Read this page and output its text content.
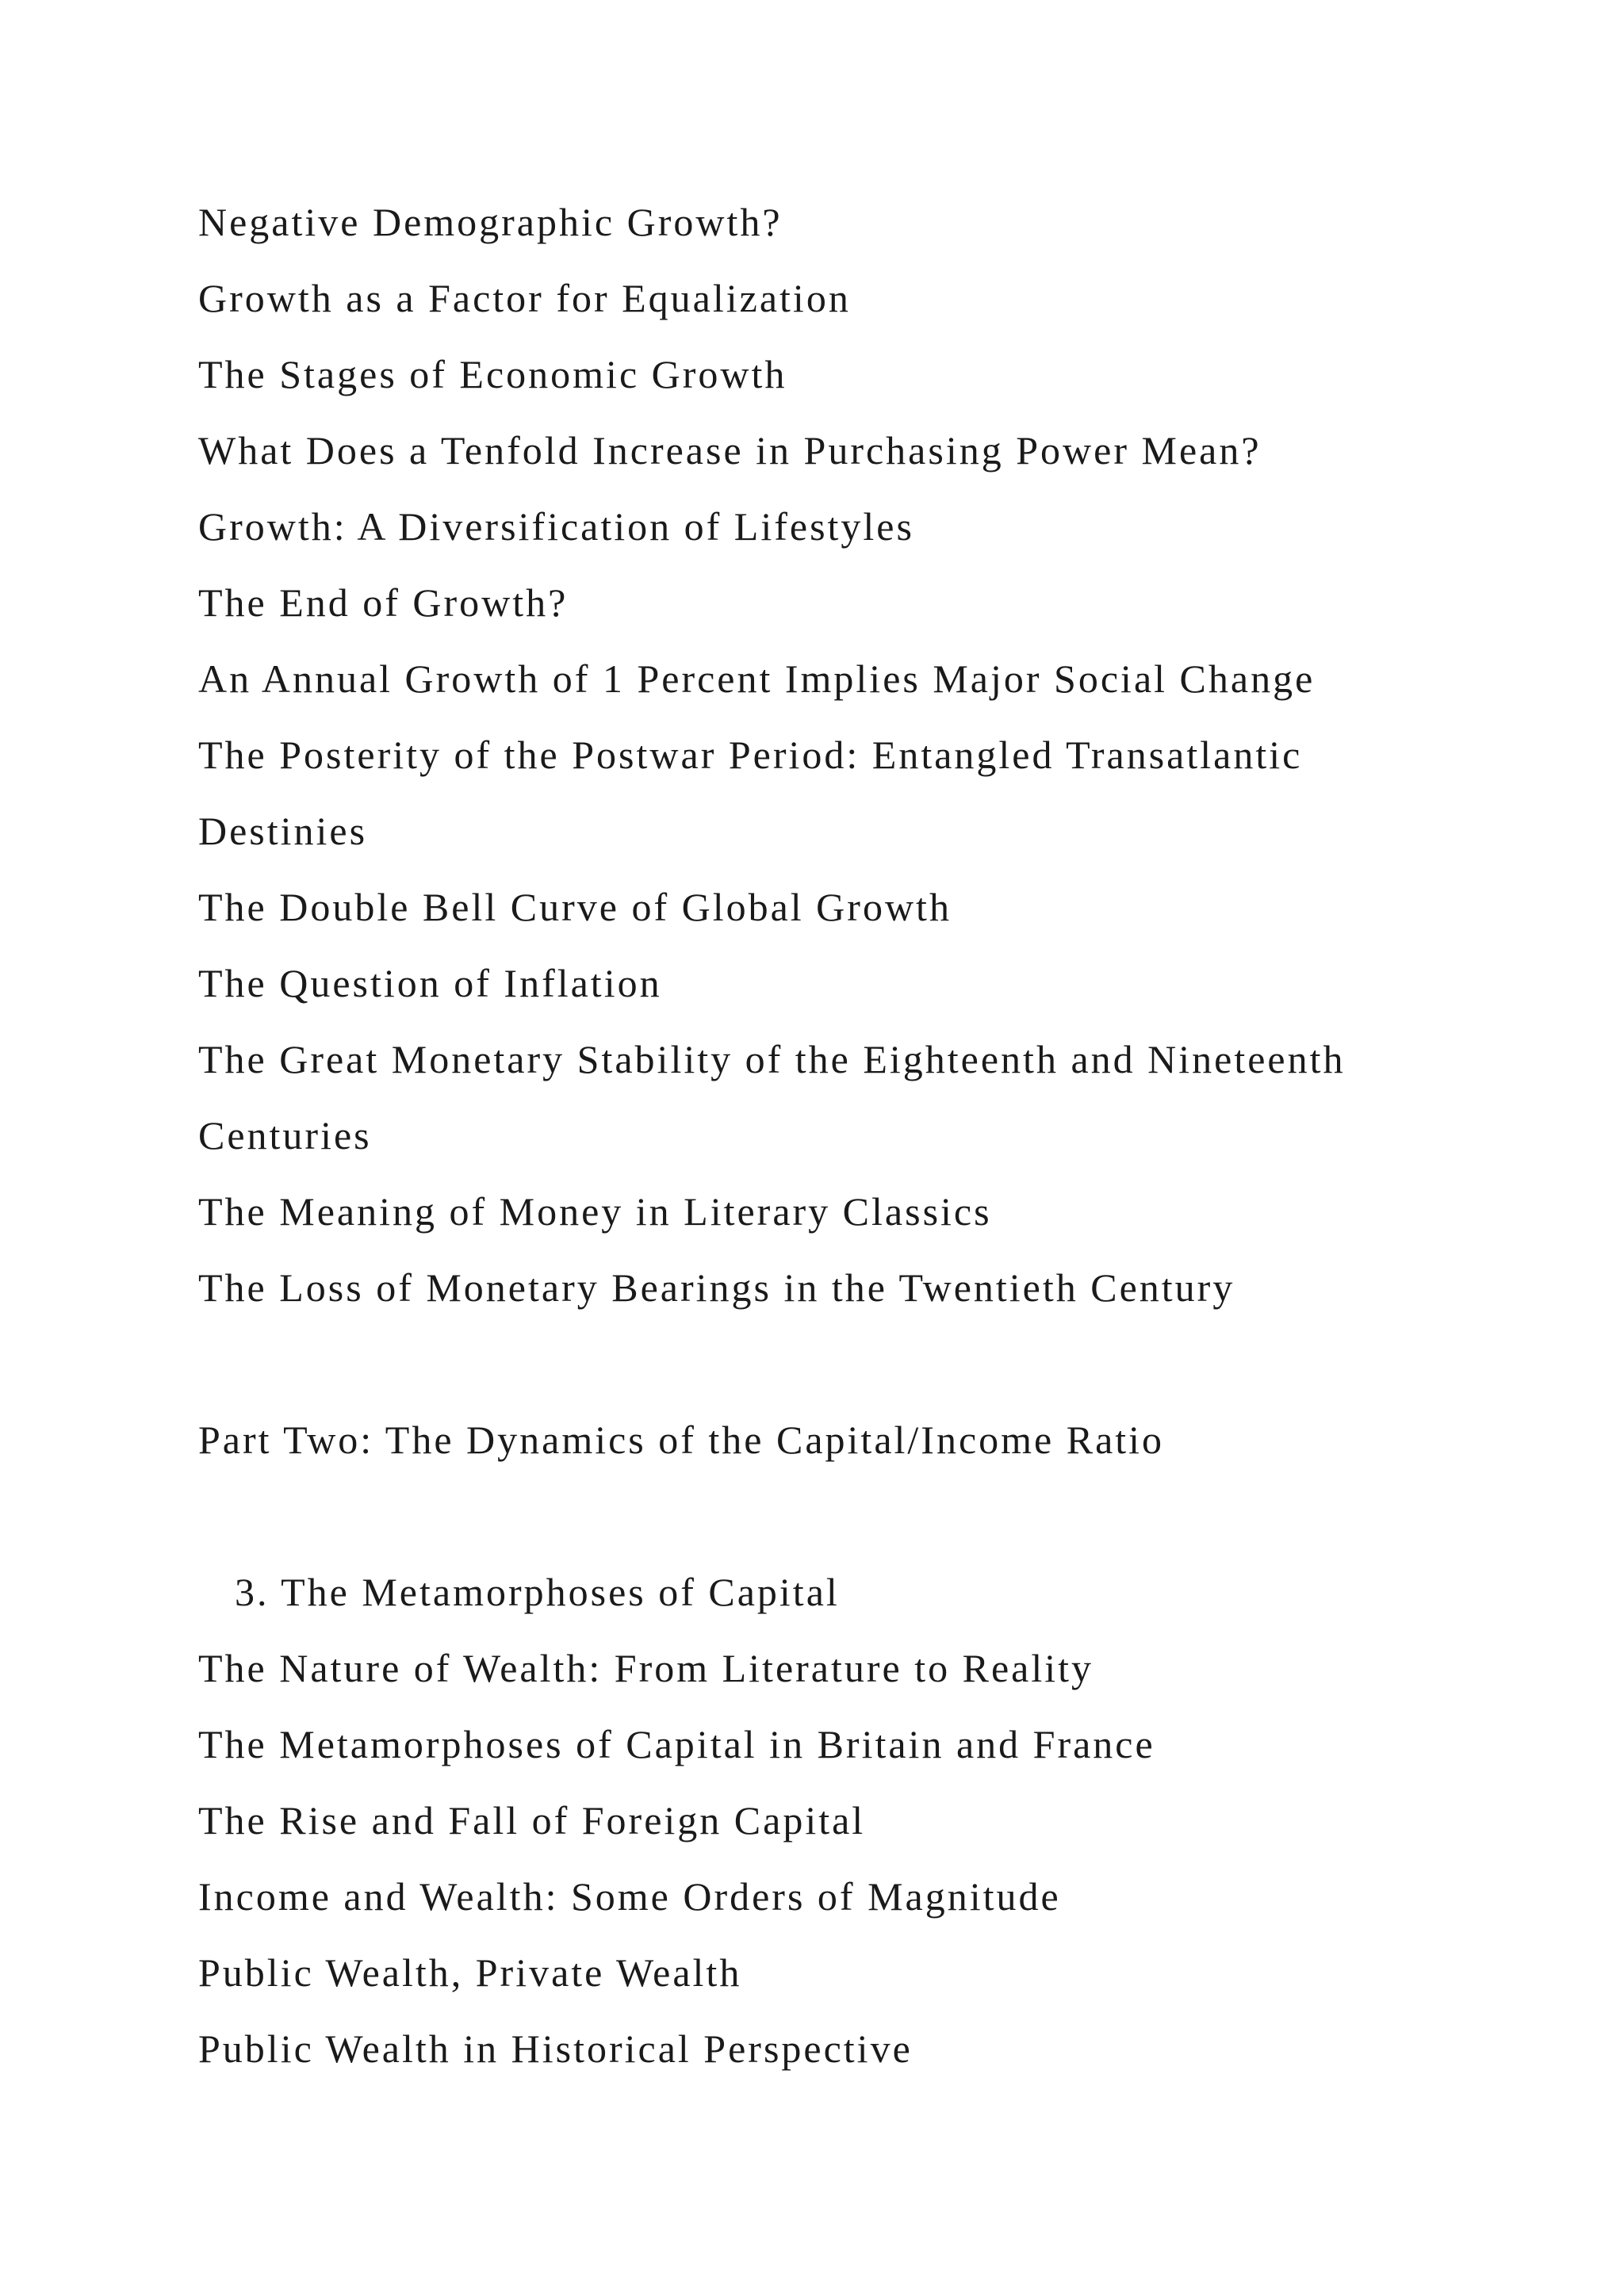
Negative Demographic Growth?
Growth as a Factor for Equalization
The Stages of Economic Growth
What Does a Tenfold Increase in Purchasing Power Mean?
Growth: A Diversification of Lifestyles
The End of Growth?
An Annual Growth of 1 Percent Implies Major Social Change
The Posterity of the Postwar Period: Entangled Transatlantic
Destinies
The Double Bell Curve of Global Growth
The Question of Inflation
The Great Monetary Stability of the Eighteenth and Nineteenth
Centuries
The Meaning of Money in Literary Classics
The Loss of Monetary Bearings in the Twentieth Century
Part Two: The Dynamics of the Capital/Income Ratio
3. The Metamorphoses of Capital
The Nature of Wealth: From Literature to Reality
The Metamorphoses of Capital in Britain and France
The Rise and Fall of Foreign Capital
Income and Wealth: Some Orders of Magnitude
Public Wealth, Private Wealth
Public Wealth in Historical Perspective
